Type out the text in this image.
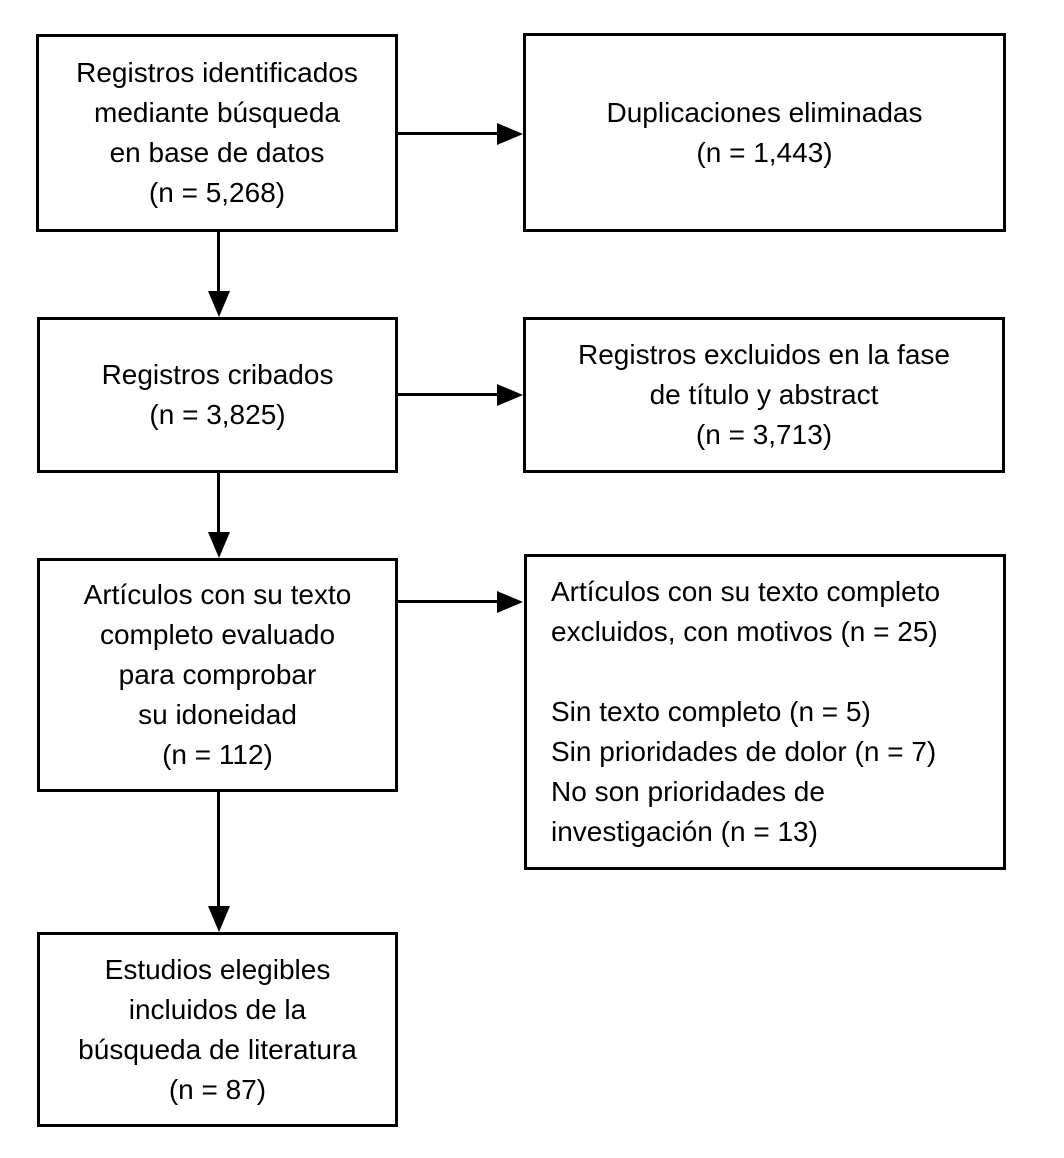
Registros identificados
mediante búsqueda
en base de datos
(n = 5,268)
Duplicaciones eliminadas
(n = 1,443)
Registros cribados
(n = 3,825)
Registros excluidos en la fase
de título y abstract
(n = 3,713)
Artículos con su texto
completo evaluado
para comprobar
su idoneidad
(n = 112)
Artículos con su texto completo
excluidos, con motivos (n = 25)
Sin texto completo (n = 5)
Sin prioridades de dolor (n = 7)
No son prioridades de
investigación (n = 13)
Estudios elegibles
incluidos de la
búsqueda de literatura
(n = 87)
